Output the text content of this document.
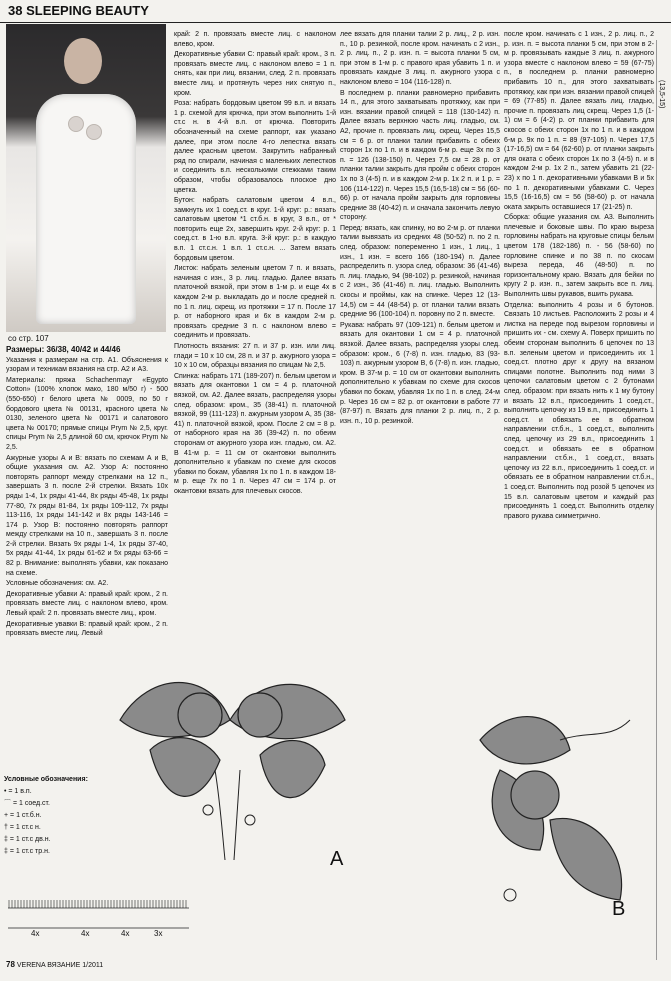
38 SLEEPING BEAUTY
со стр. 107

Размеры: 36/38, 40/42 и 44/46

Указания к размерам на стр. А1. Объяснения к узорам и техникам вязания на стр. А2 и А3.

Материалы: пряжа Schachenmayr «Egypto Cotton» (100% хлопок мако, 180 м/50 г) - 500 (550-650) г белого цвета № 0009, по 50 г бордового цвета № 00131, красного цвета № 0130, зеленого цвета № 00171 и салатового цвета № 00170; прямые спицы Prym № 2,5, круг. спицы Prym № 2,5 длиной 60 см, крючок Prym № 2,5.

Ажурные узоры А и В: вязать по схемам А и В, общие указания см. А2. Узор А: постоянно повторять раппорт между стрелками на 12 п., завершать 3 п. после 2-й стрелки. Вязать 10х ряды 1-4, 1х ряды 41-44, 8х ряды 45-48, 1х ряды 77-80, 7х ряды 81-84, 1х ряды 109-112, 7х ряды 113-116, 1х ряды 141-142 и 8х ряды 143-146 = 174 р. Узор В: постоянно повторять раппорт между стрелками на 10 п., завершать 3 п. после 2-й стрелки. Вязать 9х ряды 1-4, 1х ряды 37-40, 5х ряды 41-44, 1х ряды 61-62 и 5х ряды 63-66 = 82 р. Внимание: выполнять убавки, как показано на схеме.

Условные обозначения: см. А2.

Декоративные убавки А: правый край: кром., 2 п. провязать вместе лиц. с наклоном влево, кром. Левый край: 2 п. провязать вместе лиц., кром.

Декоративные увавки В: правый край: кром., 2 п. провязать вместе лиц. Левый

край: 2 п. провязать вместе лиц. с наклоном влево, кром.

Декоративные убавки С: правый край: кром., 3 п. провязать вместе лиц. с наклоном влево = 1 п. снять, как при лиц. вязании, след. 2 п. провязать вместе лиц. и протянуть через них снятую п., кром.

Роза: набрать бордовым цветом 99 в.п. и вязать 1 р. схемой для крючка, при этом выполнить 1-й ст.с н. в 4-й в.п. от крючка. Повторить обозначенный на схеме раппорт, как указано далее, при этом после 4-го лепестка вязать далее красным цветом. Закрутить набранный ряд по спирали, начиная с маленьких лепестков и соединить в.п. несколькими стежками таким образом, чтобы образовалось плоское дно цветка.

Бутон: набрать салатовым цветом 4 в.п., замкнуть их 1 соед.ст. в круг. 1-й круг: р.: вязать салатовым цветом *1 ст.б.н. в круг, 3 в.п., от * повторить еще 2х, завершить круг. 2-й круг: р. 1 соед.ст. в 1-ю в.п. круга. 3-й круг: р.: в каждую в.п. 1 ст.с.н. 1 в.п. 1 ст.с.н. ... Затем вязать бордовым цветом.

Листок: набрать зеленым цветом 7 п. и вязать, начиная с изн., 3 р. лиц. гладью. Далее вязать платочной вязкой, при этом в 1-м р. и еще 4х в каждом 2-м р. выкладать до и после средней п. по 1 п. лиц. скрещ. из протяжки = 17 п. После 17 р. от наборного края и 6х в каждом 2-м р. провязать средние 3 п. с наклоном влево = соединить и провязать.

Плотность вязания: 27 п. и 37 р. изн. или лиц. глади = 10 х 10 см, 28 п. и 37 р. ажурного узора = 10 х 10 см, образцы вязания по спицам № 2,5.

Спинка: набрать 171 (189-207) п. белым цветом и вязать для окантовки 1 см = 4 р. платочной вязкой, см. А2. Далее вязать, распределяя узоры след. образом: кром., 35 (38-41) п. платочной вязкой, 99 (111-123) п. ажурным узором А, 35 (38-41) п. платочной вязкой, кром. После 2 см = 8 р. от наборного края на 36 (39-42) п. по обеим сторонам от ажурного узора изн. гладью, см. А2. В 41-м р. = 11 см от окантовки выполнить дополнительно к убавкам по схеме для скосов убавки по бокам, убавляя 1х по 1 п. в каждом 18-м р. еще 7х по 1 п. Через 47 см = 174 р. от окантовки вязать для плечевых скосов.

лее вязать для планки талии 2 р. лиц., 2 р. изн. п., 10 р. резинкой, после кром. начинать с 2 изн., 2 р. лиц. п., 2 р. изн. п. = высота планки 5 см, при этом в 1-м р. с правого края убавить 1 п. и провязать каждые 3 лиц. п. ажурного узора с наклоном влево = 104 (116-128) п.

В последнем р. планки равномерно прибавить 14 п., для этого захватывать протяжку, как при изн. вязании правой спицей = 118 (130-142) п. Далее вязать верхнюю часть лиц. гладью, см. А2, прочие п. провязать лиц. скрещ. Через 15,5 см = 6 р. от планки талии прибавить с обеих сторон 1х по 1 п. и в каждом 6-м р. еще 3х по 3 п. = 126 (138-150) п. Через 7,5 см = 28 р. от планки талии закрыть для пройм с обеих сторон 1х по 3 (4-5) п. и в каждом 2-м р. 1х 2 п. и 1 р. = 106 (114-122) п. Через 15,5 (16,5-18) см = 56 (60-66) р. от начала пройм закрыть для горловины средние 38 (40-42) п. и сначала закончить левую сторону.

Перед: вязать, как спинку, но во 2-м р. от планки талии вывязать из средних 48 (50-52) п. по 2 п. след. образом: попеременно 1 изн., 1 лиц., 1 изн., 1 изн. = всего 166 (180-194) п. Далее распределить п. узора след. образом: 36 (41-46) п. лиц. гладью, 94 (98-102) р. резинкой, начиная с 2 изн., 36 (41-46) п. лиц. гладью. Выполнить скосы и проймы, как на спинке. Через 12 (13-14,5) см = 44 (48-54) р. от планки талии вязать средние 96 (100-104) п. поровну по 2 п. вместе.

Рукава: набрать 97 (109-121) п. белым цветом и вязать для окантовки 1 см = 4 р. платочной вязкой. Далее вязать, распределяя узоры след. образом: кром., 6 (7-8) п. изн. гладью, 83 (93-103) п. ажурным узором В, 6 (7-8) п. изн. гладью, кром. В 37-м р. = 10 см от окантовки выполнить дополнительно к убавкам по схеме для скосов убавки по бокам, убавляя 1х по 1 п. в след. 24-м р. Через 16 см = 82 р. от окантовки в работе 77 (87-97) п. Вязать для планки 2 р. лиц. п., 2 р. изн. п., 10 р. резинкой.

после кром. начинать с 1 изн., 2 р. лиц. п., 2 р. изн. п. = высота планки 5 см, при этом в 2-м р. провязывать каждые 3 лиц. п. ажурного узора вместе с наклоном влево = 59 (67-75) п., в последнем р. планки равномерно прибавить 10 п., для этого захватывать протяжку, как при изн. вязании правой спицей = 69 (77-85) п. Далее вязать лиц. гладью, прочие п. провязать лиц скрещ. Через 1,5 (1-1) см = 6 (4-2) р. от планки прибавить для скосов с обеих сторон 1х по 1 п. и в каждом 6-м р. 9х по 1 п. = 89 (97-105) п. Через 17,5 (17-16,5) см = 64 (62-60) р. от планки закрыть для оката с обеих сторон 1х по 3 (4-5) п. и в каждом 2-м р. 1х 2 п., затем убавить 21 (22-23) х по 1 п. декоративными убавками В и 5х по 1 п. декоративными убавками С. Через 15,5 (16-16,5) см = 56 (58-60) р. от начала оката закрыть оставшиеся 17 (21-25) п.

Сборка: общие указания см. А3. Выполнить плечевые и боковые швы. По краю выреза горловины набрать на круговые спицы белым цветом 178 (182-186) п. - 56 (58-60) по горловине спинке и по 38 п. по скосам выреза переда, 46 (48-50) п. по горизонтальному краю. Вязать для бейки по кругу 2 р. изн. п., затем закрыть все п. лиц. Выполнить швы рукавов, вшить рукава.

Отделка: выполнить 4 розы и 6 бутонов. Связать 10 листьев. Расположить 2 розы и 4 листка на переде под вырезом горловины и пришить их - см. схему А. Поверх пришить по обеим сторонам выполнить 6 цепочек по 13 в.п. зеленым цветом и присоединить их 1 соед.ст. плотно друг к другу на вязаном спицами полотне. Выполнить под ними 3 цепочки салатовым цветом с 2 бутонами след. образом: при вязать нить к 1 му бутону и вязать 12 в.п., присоединить 1 соед.ст., выполнить цепочку из 19 в.п., присоединить 1 соед.ст. и обвязать ее в обратном направлении ст.б.н., 1 соед.ст., выполнить след. цепочку из 29 в.п., присоединить 1 соед.ст. и обвязать ее в обратном направлении ст.б.н., 1 соед.ст., вязать цепочку из 22 в.п., присоединить 1 соед.ст. и обвязать ее в обратном направлении ст.б.н., 1 соед.ст. Выполнить под розой 5 цепочек из 15 в.п. салатовым цветом и каждый раз присоединять 1 соед.ст. Выполнить отделку правого рукава симметрично.

(13,5-15)
A
B
Условные обозначения:
• = 1 в.п.
⌒ = 1 соед.ст.
+ = 1 ст.б.н.
† = 1 ст.с н.
‡ = 1 ст.с дв.н.
‡ = 1 ст.с тр.н.
4x	4x	4x	3x
78 VERENA ВЯЗАНИЕ 1/2011
